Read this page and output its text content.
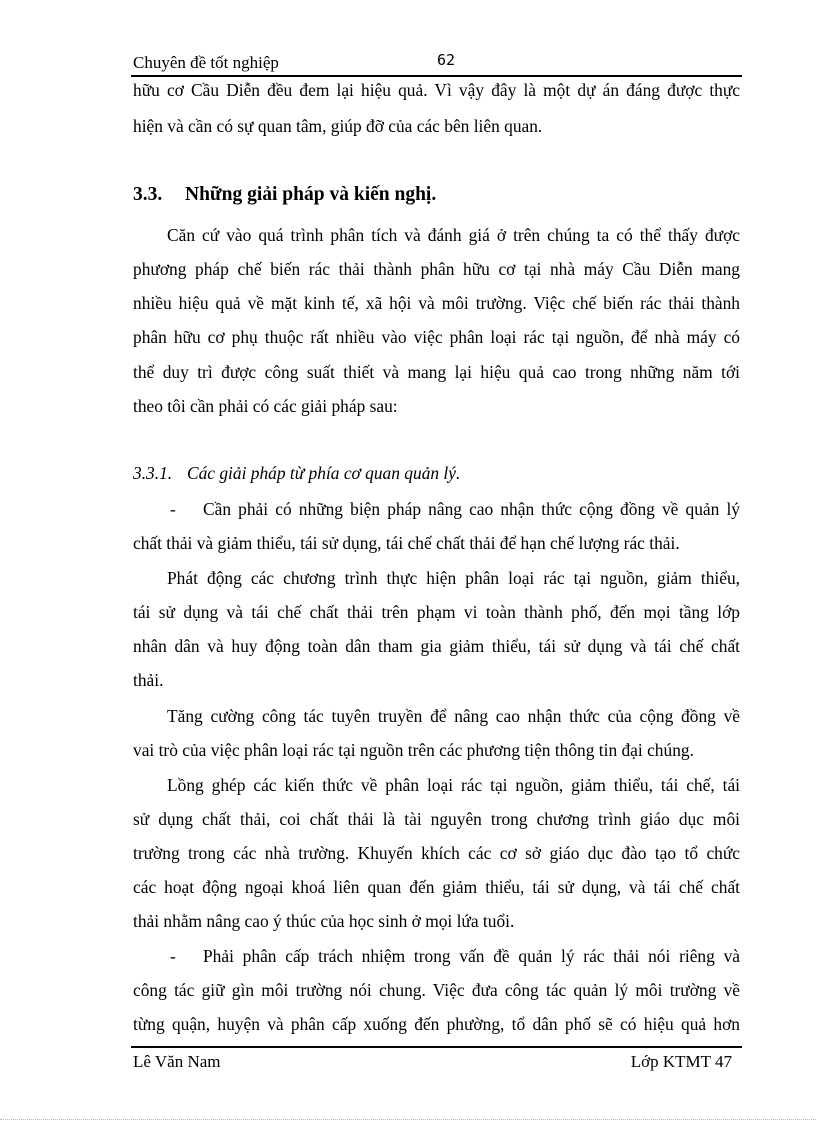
Chuyên đề tốt nghiệp	62
hữu cơ Cầu Diễn đều đem lại hiệu quả. Vì vậy đây là một dự án đáng được thực
hiện và cần có sự quan tâm, giúp đỡ của các bên liên quan.
3.3. Những giải pháp và kiến nghị.
Căn cứ vào quá trình phân tích và đánh giá ở trên chúng ta có thể thấy được
phương pháp chế biến rác thải thành phân hữu cơ tại nhà máy Cầu Diễn mang
nhiều hiệu quả về mặt kinh tế, xã hội và môi trường. Việc chế biến rác thải thành
phân hữu cơ phụ thuộc rất nhiều vào việc phân loại rác tại nguồn, để nhà máy có
thể duy trì được công suất thiết và mang lại hiệu quả cao trong những năm tới
theo tôi cần phải có các giải pháp sau:
3.3.1. Các giải pháp từ phía cơ quan quản lý.
- Cần phải có những biện pháp nâng cao nhận thức cộng đồng về quản lý
chất thải và giảm thiểu, tái sử dụng, tái chế chất thải để hạn chế lượng rác thải.
Phát động các chương trình thực hiện phân loại rác tại nguồn, giảm thiểu,
tái sử dụng và tái chế chất thải trên phạm vi toàn thành phố, đến mọi tầng lớp
nhân dân và huy động toàn dân tham gia giảm thiểu, tái sử dụng và tái chế chất
thải.
Tăng cường công tác tuyên truyền để nâng cao nhận thức của cộng đồng về
vai trò của việc phân loại rác tại nguồn trên các phương tiện thông tin đại chúng.
Lồng ghép các kiến thức về phân loại rác tại nguồn, giảm thiểu, tái chế, tái
sử dụng chất thải, coi chất thải là tài nguyên trong chương trình giáo dục môi
trường trong các nhà trường. Khuyến khích các cơ sở giáo dục đào tạo tổ chức
các hoạt động ngoại khoá liên quan đến giảm thiểu, tái sử dụng, và tái chế chất
thải nhằm nâng cao ý thúc của học sinh ở mọi lứa tuổi.
- Phải phân cấp trách nhiệm trong vấn đề quản lý rác thải nói riêng và
công tác giữ gìn môi trường nói chung. Việc đưa công tác quản lý môi trường về
từng quận, huyện và phân cấp xuống đến phường, tổ dân phố sẽ có hiệu quả hơn
Lê Văn Nam	Lớp KTMT 47
